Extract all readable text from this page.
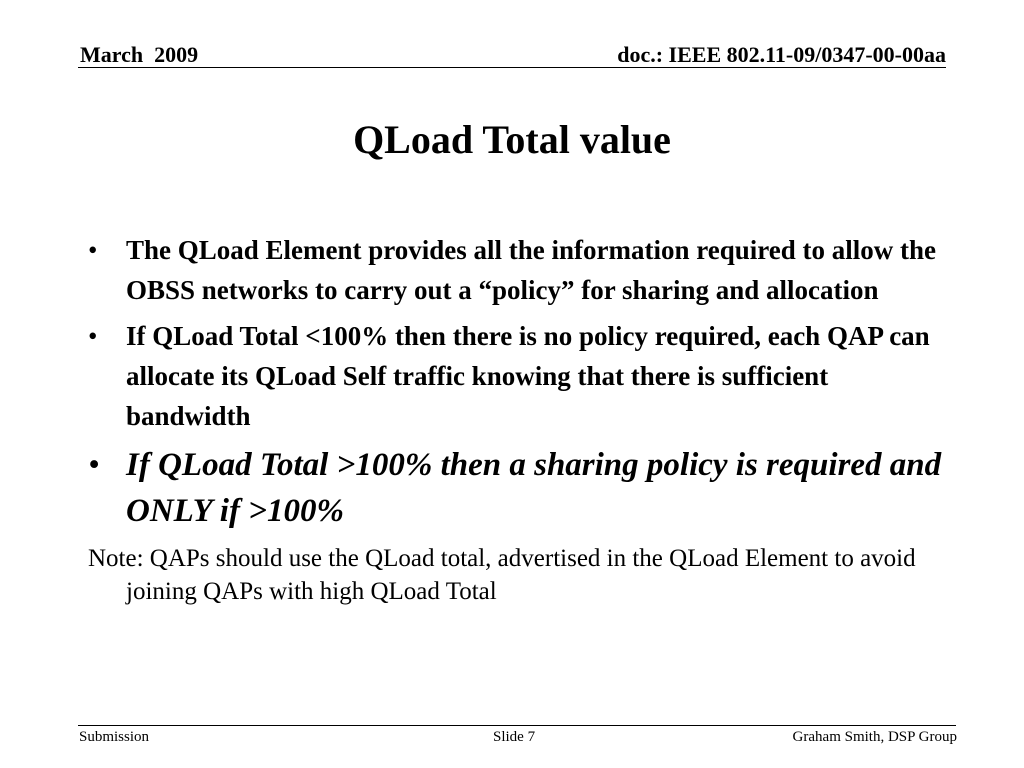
March  2009	doc.: IEEE 802.11-09/0347-00-00aa
QLoad Total value
• The QLoad Element provides all the information required to allow the OBSS networks to carry out a “policy” for sharing and allocation
• If QLoad Total <100% then there is no policy required, each QAP can allocate its QLoad Self traffic knowing that there is sufficient bandwidth
• If QLoad Total >100% then a sharing policy is required and ONLY if >100%
Note: QAPs should use the QLoad total, advertised in the QLoad Element to avoid joining QAPs with high QLoad Total
Submission	Slide 7	Graham Smith, DSP Group
